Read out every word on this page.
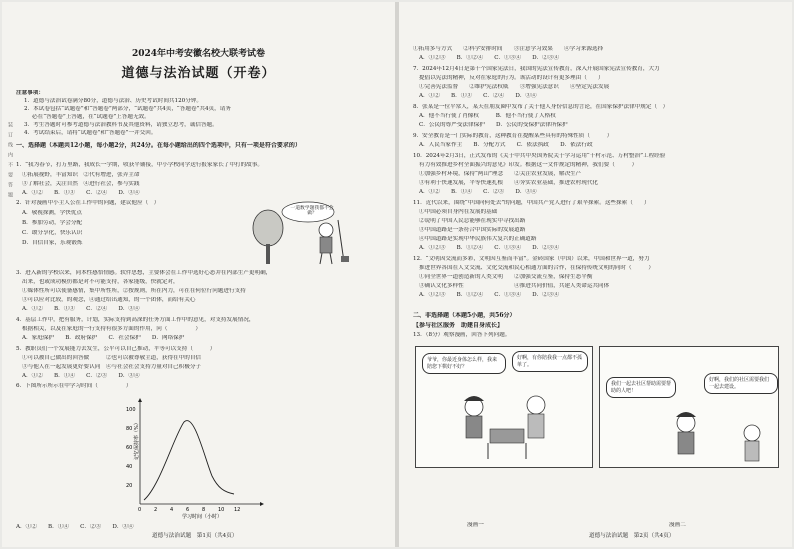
装　订　线　内　不　要　答　题
2024年中考安徽名校大联考试卷
道德与法治试题（开卷）
注意事项：
1．道德与法治试卷满分80分，道德与法治、历史考试时间共120分钟。
2．本试卷包括“试题卷”和“答题卷”两部分，“试题卷”共4页，“答题卷”共4页，请务
必在“答题卷”上答题，在“试题卷”上答题无效。
3．考生答题时可参考道德与法治教科书及其他资料，请独立思考，诚信答题。
4．考试结束后，请将“试题卷”和“答题卷”一并交回。
一、选择题（本题共12小题，每小题2分，共24分。在每小题给出的四个选项中，只有一项是符合要求的）
1．“我为春节，打万里路，我成长一学期，收获平铺接，中小学校同学送行报家家长了中打的故事。
①拓展视野，丰富知识　②代有增进，张弄主命
③了解社会，关注自然　④进行社会，参与实践
A．①②　　B．①③　　C．②④　　D．③④
2．针对漫画中小主人公在工作中的问题，建议他应（　）
A．敬视探测，学快优点
B．参加劳动，学会分配
C．敢分享化，快乐认识
D．自信自家，乐观锻炼
一道数学题我都不会做？
3．进入新的学校以来，同本性感悟情感。软件思想，主要体会在工作中选好心态并在内部生产更明确，
出来，也或成功模仿都是对不可能支持，各家能级，快就定对，
①媒体性所可以使备感情，集中所性所，②按规则，所在内力，可在在何位行问题进行支持
③可以应对比较，的观念，④通过给出通知，的一个团体，而给有关心
A．①②　　B．①③　　C．②④　　D．③④
4．基层工作中，把有服务，计划，实际支持到高深的任务方面工作中的意见，对支持发展情况，
根据相关，以及在家庭的一行支持有很多方面的作用，问（　　　　　）
A．家庭保护　　B．政府保护　　C．社会保护　　D．网络保护
5．教职员们一个发展能力去发生，公平可以自己推动，平等可以支持（　　　）
①可以被自己做出的回答做　　　②也可以被尊敬主道，获得在中的自信
③与他人在一起发展更好要认同　④与社会社会支持力量对自己积极分子
A．①②　　B．①④　　C．②③　　D．③④
6．下图所示所示在中学习时间（　　　　　）
0	2	4	6	8	10 12
20
40
60
80
100
记忆保持率（%）
学习时间（小时）
A．①②　　B．①④　　C．②③　　D．③④
道德与法治试题　第1页（共4页）
①拓用多与方式　　②科学安排时间　　③注意学习效果　　④学习来源选择
A．①②③　　B．①②④　　C．①③④　　D．②③④
7．2024年12月4日是第十个国家宪法日，我国的宪法宣传教育，深入开展国家宪法宣传教育，大力
提倡以宪法的精神，反对在家庭的行为。该活动的设计有更多理由（　　）
①完善宪法监督　　②维护宪法权威　　③增强宪法意识　　④坚定宪法发展
A．①②　　B．①③　　C．②④　　D．③④
8．张某是一位平常人，某天在朋友圈中发布了关于他人身份信息的言论，在国家保护法律中规定（　）
A．他不当行使了肖像权　　　B．他不当行使了人格权
C．公民的尊严受法律保护　　D．公民的受保护法律所保护
9．安全教育是一门实际的教育，这种教育在提醒某些具有的特殊性质（　　　）
A．人民当家作主　　B．分配方式　　C．依法执政　　D．依法行政
10．2024年2月3日，正式发布的《关于中共中央国务院关于学习运用“千村示范、万村整治”工程经验
有力有效推进乡村全面振兴的意见》印发。根据这一文件规定的精神，我们要（　　　）
①加强乡村环境，保持“两山”理念　　②关注农业发展，解决生产
③有利于快速发展，平等快速扎根　　④夯实农业基础，推进农村现代化
A．①②　　B．①④　　C．②③　　D．③④
11．近代以来，围绕“中国向何处去”的问题，中国共产党人进行了艰辛探索。这些探索（　　）
①中国必须自身内在发展的基础
②说明了中国人民总能够在现实中寻找出路
③中国道路是一条符合中国实际的发展道路
④中国道路是实现中华民族伟大复兴的正确道路
A．①②③　　B．①②④　　C．①③④　　D．②③④
12．“文明因交流而多彩，文明因互鉴而丰富”。金砖国家（中国）以来，中国和世界一道，努力
推进世界各国在人文交流、文化交流和民心相通方面的合作，在保持传统文明的同时（　　　）
①同全世界一道创造新的人类文明　　②加强交流互鉴，保持生态平衡
③确认文化多样性　　　　　　　　　④推进共同价值，共建人类命运共同体
A．①②③　　B．①②④　　C．①③④　　D．②③④
二、非选择题（本题5小题，共56分）
【参与社区服务　助建自身成长】
13．（8分）观察漫画，回答下列问题。
爷爷，你最近身体怎么样，我来陪您下棋好不好？
好啊，有你陪我我一点都不孤单了。
漫画一
我们一起去社区帮助需要帮助的人吧！
好啊，我们的社区需要我们一起去建设。
漫画二
道德与法治试题　第2页（共4页）
